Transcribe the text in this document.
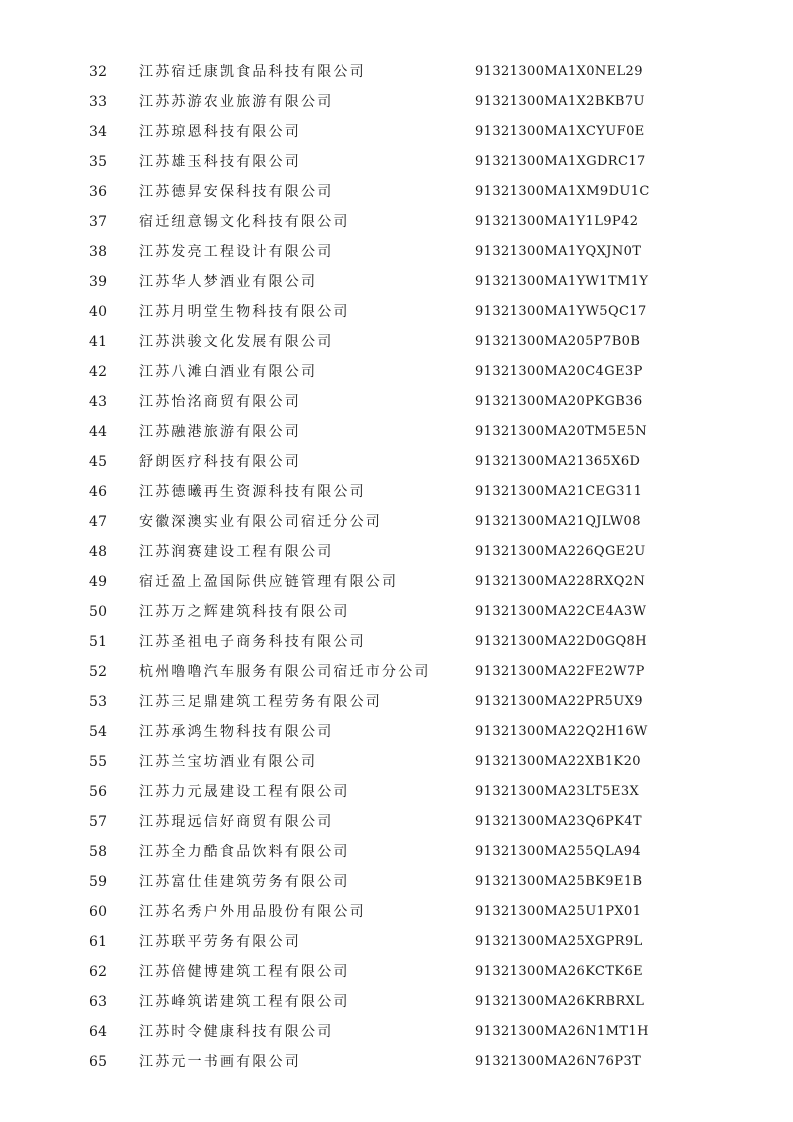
32	江苏宿迁康凯食品科技有限公司	91321300MA1X0NEL29
33	江苏苏游农业旅游有限公司	91321300MA1X2BKB7U
34	江苏琼恩科技有限公司	91321300MA1XCYUF0E
35	江苏雄玉科技有限公司	91321300MA1XGDRC17
36	江苏德昇安保科技有限公司	91321300MA1XM9DU1C
37	宿迁纽意锡文化科技有限公司	91321300MA1Y1L9P42
38	江苏发亮工程设计有限公司	91321300MA1YQXJN0T
39	江苏华人梦酒业有限公司	91321300MA1YW1TM1Y
40	江苏月明堂生物科技有限公司	91321300MA1YW5QC17
41	江苏洪骏文化发展有限公司	91321300MA205P7B0B
42	江苏八滩白酒业有限公司	91321300MA20C4GE3P
43	江苏怡洺商贸有限公司	91321300MA20PKGB36
44	江苏融港旅游有限公司	91321300MA20TM5E5N
45	舒朗医疗科技有限公司	91321300MA21365X6D
46	江苏德曦再生资源科技有限公司	91321300MA21CEG311
47	安徽深澳实业有限公司宿迁分公司	91321300MA21QJLW08
48	江苏润赛建设工程有限公司	91321300MA226QGE2U
49	宿迁盈上盈国际供应链管理有限公司	91321300MA228RXQ2N
50	江苏万之辉建筑科技有限公司	91321300MA22CE4A3W
51	江苏圣祖电子商务科技有限公司	91321300MA22D0GQ8H
52	杭州噜噜汽车服务有限公司宿迁市分公司	91321300MA22FE2W7P
53	江苏三足鼎建筑工程劳务有限公司	91321300MA22PR5UX9
54	江苏承鸿生物科技有限公司	91321300MA22Q2H16W
55	江苏兰宝坊酒业有限公司	91321300MA22XB1K20
56	江苏力元晟建设工程有限公司	91321300MA23LT5E3X
57	江苏琨远信好商贸有限公司	91321300MA23Q6PK4T
58	江苏全力酷食品饮料有限公司	91321300MA255QLA94
59	江苏富仕佳建筑劳务有限公司	91321300MA25BK9E1B
60	江苏名秀户外用品股份有限公司	91321300MA25U1PX01
61	江苏联平劳务有限公司	91321300MA25XGPR9L
62	江苏倍健博建筑工程有限公司	91321300MA26KCTK6E
63	江苏峰筑诺建筑工程有限公司	91321300MA26KRBRXL
64	江苏时令健康科技有限公司	91321300MA26N1MT1H
65	江苏元一书画有限公司	91321300MA26N76P3T
